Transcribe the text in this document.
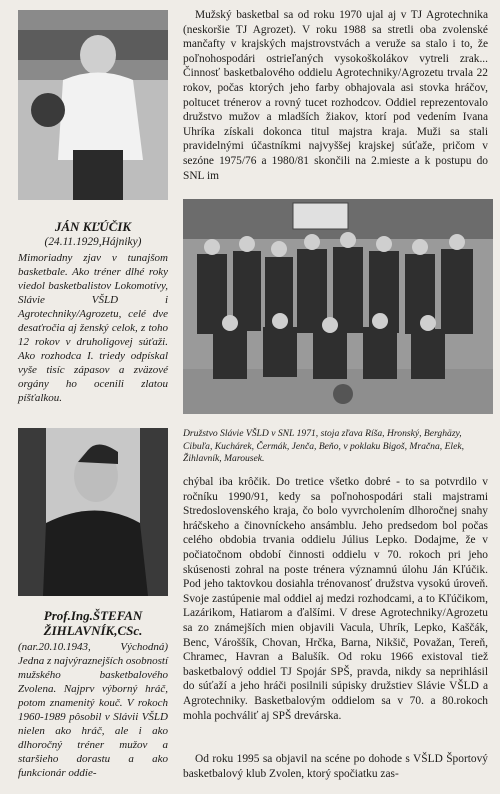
Mužský basketbal sa od roku 1970 ujal aj v TJ Agrotechnika (neskoršie TJ Agrozet). V roku 1988 sa stretli oba zvolenské mančafty v krajských majstrovstvách a veruže sa stalo i to, že poľnohospodári ostrieľaných vysokoškolákov vytreli zrak... Činnosť basketbalového oddielu Agrotechniky/Agrozetu trvala 22 rokov, počas ktorých jeho farby obhajovala asi stovka hráčov, poltucet trénerov a rovný tucet rozhodcov. Oddiel reprezentovalo družstvo mužov a mladších žiakov, ktorí pod vedením Ivana Uhríka získali dokonca titul majstra kraja. Muži sa stali pravidelnými účastníkmi najvyššej krajskej súťaže, pričom v sezóne 1975/76 a 1980/81 skončili na 2.mieste a k postupu do SNL im

JÁN KĽÚČIK

(24.11.1929,Hájniky)

Mimoriadny zjav v tunajšom basketbale. Ako tréner dlhé roky viedol basketbalistov Lokomotívy, Slávie VŠLD i Agrotechniky/Agrozetu, celé dve desaťročia aj ženský celok, z toho 12 rokov v druholigovej súťaži. Ako rozhodca I. triedy odpískal vyše tisíc zápasov a zväzové orgány ho ocenili zlatou píšťalkou.

Družstvo Slávie VŠLD v SNL 1971, stoja zľava Ríša, Hronský, Berghäzy, Cibuľa, Kuchárek, Čermák, Jenča, Beňo, v poklaku Bigoš, Mračna, Elek, Žihlavník, Marousek.

chýbal iba krôčik. Do tretice všetko dobré - to sa potvrdilo v ročníku 1990/91, kedy sa poľnohospodári stali majstrami Stredoslovenského kraja, čo bolo vyvrcholením dlhoročnej snahy hráčskeho a činovníckeho ansámblu. Jeho predsedom bol počas celého obdobia trvania oddielu Július Lepko. Dodajme, že v počiatočnom období činnosti oddielu v 70. rokoch pri jeho skúsenosti zohral na poste trénera významnú úlohu Ján Kľúčik. Pod jeho taktovkou dosiahla trénovanosť družstva vysokú úroveň. Svoje zastúpenie mal oddiel aj medzi rozhodcami, a to Kľúčikom, Lazárikom, Hatiarom a ďalšími. V drese Agrotechniky/Agrozetu sa zo známejších mien objavili Vacula, Uhrík, Lepko, Kaščák, Benc, Vároššík, Chovan, Hrčka, Barna, Nikšič, Považan, Tereň, Chramec, Havran a Balušík. Od roku 1966 existoval tiež basketbalový oddiel TJ Spojár SPŠ, pravda, nikdy sa neprihlásil do súťaží a jeho hráči posilnili súpisky družstiev Slávie VŠLD a Agrotechniky. Basketbalovým oddielom sa v 70. a 80.rokoch mohla pochváliť aj SPŠ drevárska.

Od roku 1995 sa objavil na scéne po dohode s VŠLD Športový basketbalový klub Zvolen, ktorý spočiatku zas-

Prof.Ing.ŠTEFAN ŽIHLAVNÍK,CSc.

(nar.20.10.1943, Východná) Jedna z najvýraznejších osobností mužského basketbalového Zvolena. Najprv výborný hráč, potom znamenitý kouč. V rokoch 1960-1989 pôsobil v Slávii VŠLD nielen ako hráč, ale i ako dlhoročný tréner mužov a staršieho dorastu a ako funkcionár oddie-
